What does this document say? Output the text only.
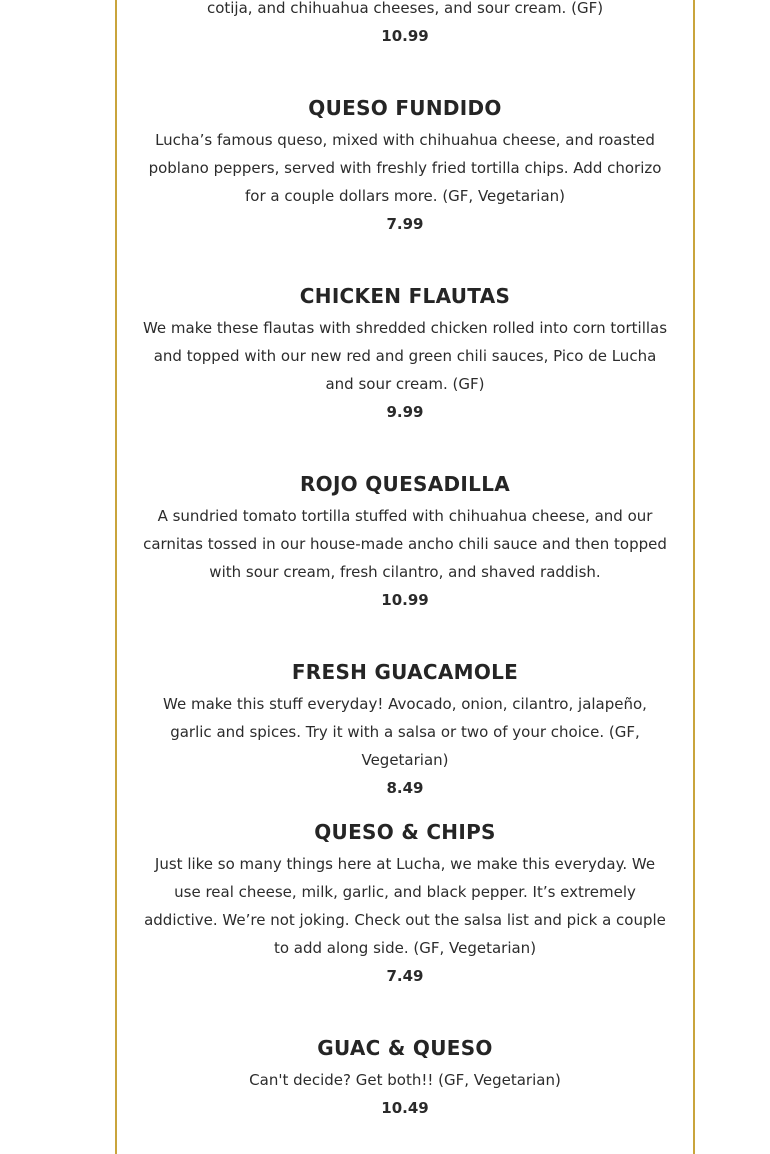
cotija, and chihuahua cheeses, and sour cream. (GF)
10.99
QUESO FUNDIDO
Lucha’s famous queso, mixed with chihuahua cheese, and roasted poblano peppers, served with freshly fried tortilla chips. Add chorizo for a couple dollars more. (GF, Vegetarian)
7.99
CHICKEN FLAUTAS
We make these flautas with shredded chicken rolled into corn tortillas and topped with our new red and green chili sauces, Pico de Lucha and sour cream. (GF)
9.99
ROJO QUESADILLA
A sundried tomato tortilla stuffed with chihuahua cheese, and our carnitas tossed in our house-made ancho chili sauce and then topped with sour cream, fresh cilantro, and shaved raddish.
10.99
FRESH GUACAMOLE
We make this stuff everyday! Avocado, onion, cilantro, jalapeño, garlic and spices. Try it with a salsa or two of your choice. (GF, Vegetarian)
8.49
QUESO & CHIPS
Just like so many things here at Lucha, we make this everyday. We use real cheese, milk, garlic, and black pepper. It’s extremely addictive. We’re not joking. Check out the salsa list and pick a couple to add along side. (GF, Vegetarian)
7.49
GUAC & QUESO
Can't decide? Get both!! (GF, Vegetarian)
10.49
